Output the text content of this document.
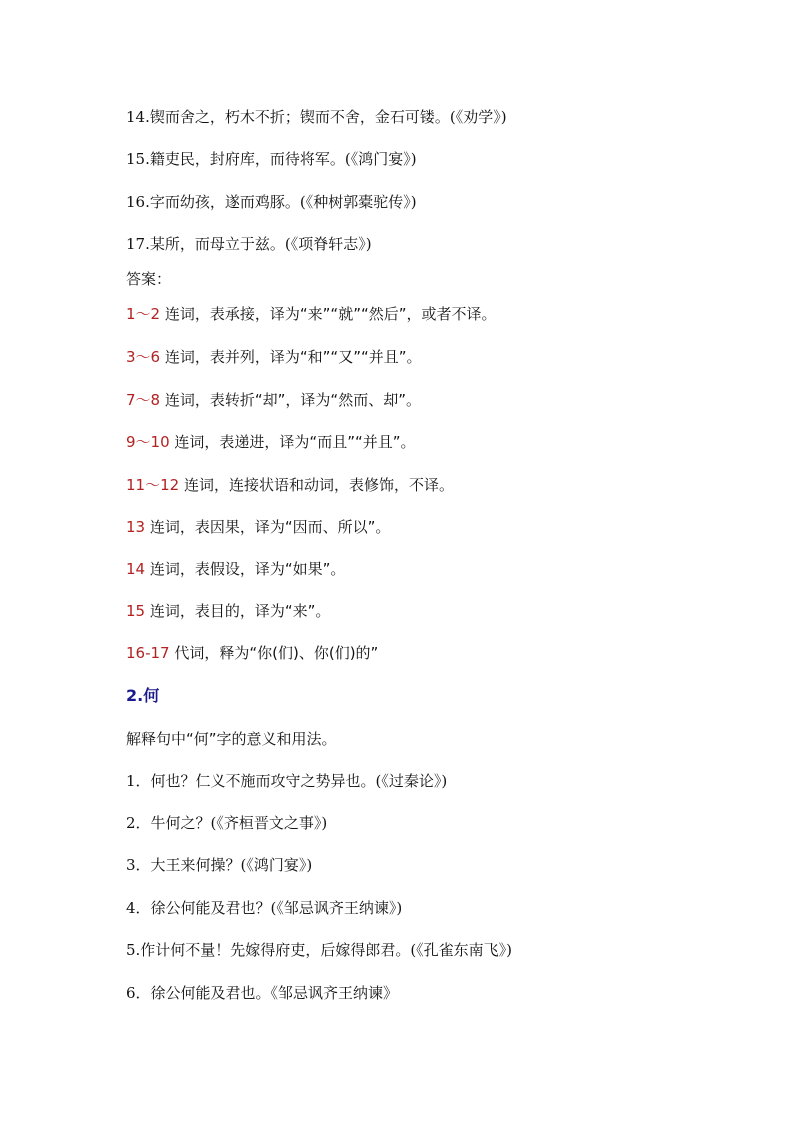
14.锲而舍之，朽木不折；锲而不舍，金石可镂。(《劝学》)
15.籍吏民，封府库，而待将军。(《鸿门宴》)
16.字而幼孩，遂而鸡豚。(《种树郭橐驼传》)
17.某所，而母立于兹。(《项脊轩志》)
答案：
1～2 连词，表承接，译为“来”“就”“然后”，或者不译。
3～6 连词，表并列，译为“和”“又”“并且”。
7～8 连词，表转折“却”，译为“然而、却”。
9～10 连词，表递进，译为“而且”“并且”。
11～12 连词，连接状语和动词，表修饰，不译。
13 连词，表因果，译为“因而、所以”。
14 连词，表假设，译为“如果”。
15 连词，表目的，译为“来”。
16-17 代词，释为“你(们)、你(们)的”
2.何
解释句中“何”字的意义和用法。
1．何也？仁义不施而攻守之势异也。(《过秦论》)
2．牛何之？(《齐桓晋文之事》)
3．大王来何操？(《鸿门宴》)
4．徐公何能及君也？(《邹忌讽齐王纳谏》)
5.作计何不量！先嫁得府吏，后嫁得郎君。(《孔雀东南飞》)
6．徐公何能及君也。《邹忌讽齐王纳谏》
